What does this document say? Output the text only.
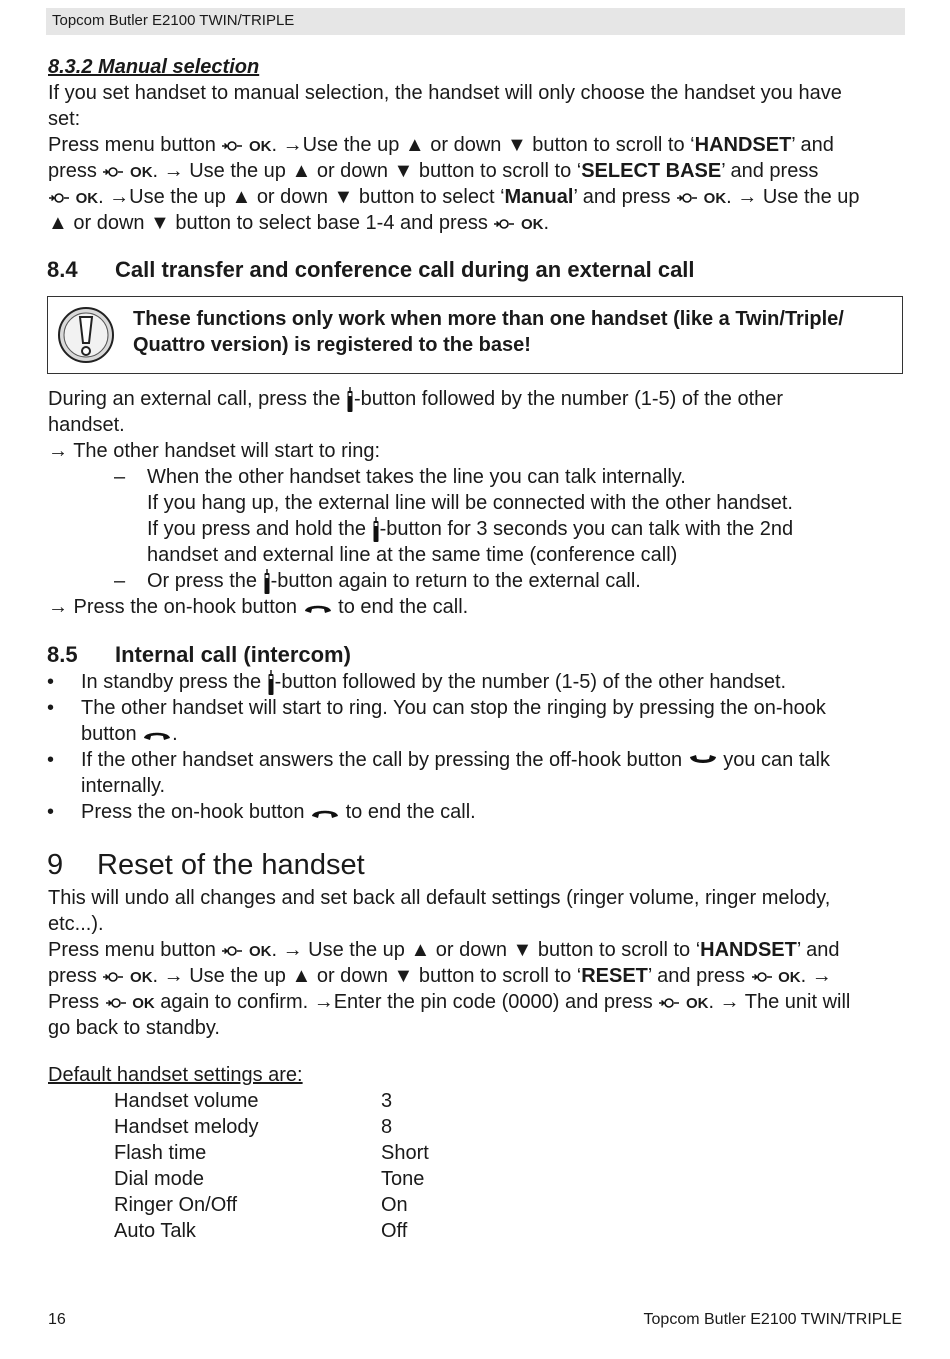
Topcom Butler E2100 TWIN/TRIPLE
8.3.2 Manual selection
If you set handset to manual selection, the handset will only choose the handset you have
set:
Press menu button  OK. →Use the up ▲ or down ▼ button to scroll to ‘HANDSET’ and
press  OK. → Use the up ▲ or down ▼ button to scroll to ‘SELECT BASE’ and press
OK. →Use the up ▲ or down ▼ button to select ‘Manual’ and press  OK. → Use the up
▲ or down ▼ button to select base 1-4 and press  OK.
8.4 Call transfer and conference call during an external call
These functions only work when more than one handset (like a Twin/Triple/
Quattro version) is registered to the base!
During an external call, press the -button followed by the number (1-5) of the other
handset.
→ The other handset will start to ring:
– When the other handset takes the line you can talk internally.
If you hang up, the external line will be connected with the other handset.
If you press and hold the -button for 3 seconds you can talk with the 2nd
handset and external line at the same time (conference call)
– Or press the -button again to return to the external call.
→ Press the on-hook button  to end the call.
8.5 Internal call (intercom)
• In standby press the -button followed by the number (1-5) of the other handset.
• The other handset will start to ring. You can stop the ringing by pressing the on-hook
button .
• If the other handset answers the call by pressing the off-hook button  you can talk
internally.
• Press the on-hook button  to end the call.
9 Reset of the handset
This will undo all changes and set back all default settings (ringer volume, ringer melody,
etc...).
Press menu button  OK. → Use the up ▲ or down ▼ button to scroll to ‘HANDSET’ and
press  OK. → Use the up ▲ or down ▼ button to scroll to ‘RESET’ and press  OK. →
Press  OK again to confirm. →Enter the pin code (0000) and press  OK. → The unit will
go back to standby.
Default handset settings are:
Handset volume	3
Handset melody	8
Flash time	Short
Dial mode	Tone
Ringer On/Off	On
Auto Talk	Off
16	Topcom Butler E2100 TWIN/TRIPLE
